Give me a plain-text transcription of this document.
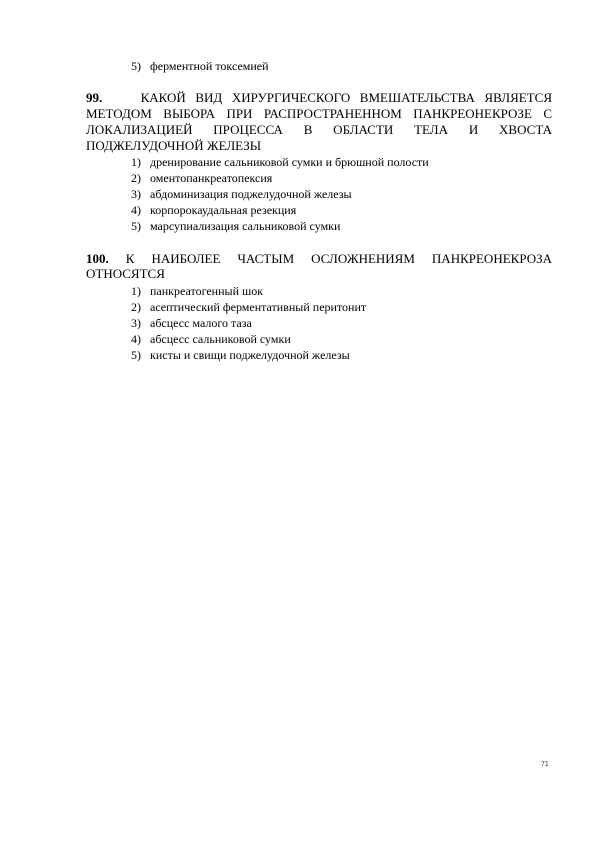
5) ферментной токсемией
99.	КАКОЙ ВИД ХИРУРГИЧЕСКОГО ВМЕШАТЕЛЬСТВА ЯВЛЯЕТСЯ
МЕТОДОМ ВЫБОРА ПРИ РАСПРОСТРАНЕННОМ ПАНКРЕОНЕКРОЗЕ С
ЛОКАЛИЗАЦИЕЙ ПРОЦЕССА В ОБЛАСТИ ТЕЛА И ХВОСТА
ПОДЖЕЛУДОЧНОЙ ЖЕЛЕЗЫ
1) дренирование сальниковой сумки и брюшной полости
2) оментопанкреатопексия
3) абдоминизация поджелудочной железы
4) корпорокаудальная резекция
5) марсупиализация сальниковой сумки
100. К НАИБОЛЕЕ ЧАСТЫМ ОСЛОЖНЕНИЯМ ПАНКРЕОНЕКРОЗА
ОТНОСЯТСЯ
1) панкреатогенный шок
2) асептический ферментативный перитонит
3) абсцесс малого таза
4) абсцесс сальниковой сумки
5) кисты и свищи поджелудочной железы
71
